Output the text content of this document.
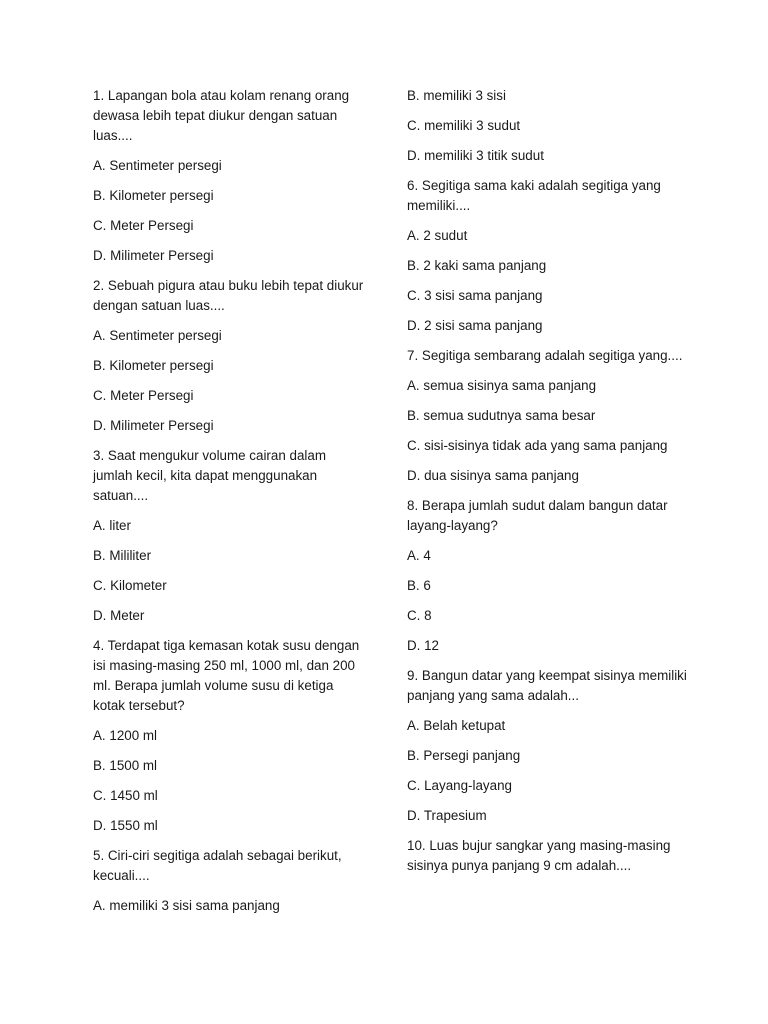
1. Lapangan bola atau kolam renang orang dewasa lebih tepat diukur dengan satuan luas....

A. Sentimeter persegi

B. Kilometer persegi

C. Meter Persegi

D. Milimeter Persegi

2. Sebuah pigura atau buku lebih tepat diukur dengan satuan luas....

A. Sentimeter persegi

B. Kilometer persegi

C. Meter Persegi

D. Milimeter Persegi

3. Saat mengukur volume cairan dalam jumlah kecil, kita dapat menggunakan satuan....

A. liter

B. Mililiter

C. Kilometer

D. Meter

4. Terdapat tiga kemasan kotak susu dengan isi masing-masing 250 ml, 1000 ml, dan 200 ml. Berapa jumlah volume susu di ketiga kotak tersebut?

A. 1200 ml

B. 1500 ml

C. 1450 ml

D. 1550 ml

5. Ciri-ciri segitiga adalah sebagai berikut, kecuali....

A. memiliki 3 sisi sama panjang

B. memiliki 3 sisi

C. memiliki 3 sudut

D. memiliki 3 titik sudut

6. Segitiga sama kaki adalah segitiga yang memiliki....

A. 2 sudut

B. 2 kaki sama panjang

C. 3 sisi sama panjang

D. 2 sisi sama panjang

7. Segitiga sembarang adalah segitiga yang....

A. semua sisinya sama panjang

B. semua sudutnya sama besar

C. sisi-sisinya tidak ada yang sama panjang

D. dua sisinya sama panjang

8. Berapa jumlah sudut dalam bangun datar layang-layang?

A. 4

B. 6

C. 8

D. 12

9. Bangun datar yang keempat sisinya memiliki panjang yang sama adalah...

A. Belah ketupat

B. Persegi panjang

C. Layang-layang

D. Trapesium

10. Luas bujur sangkar yang masing-masing sisinya punya panjang 9 cm adalah....
